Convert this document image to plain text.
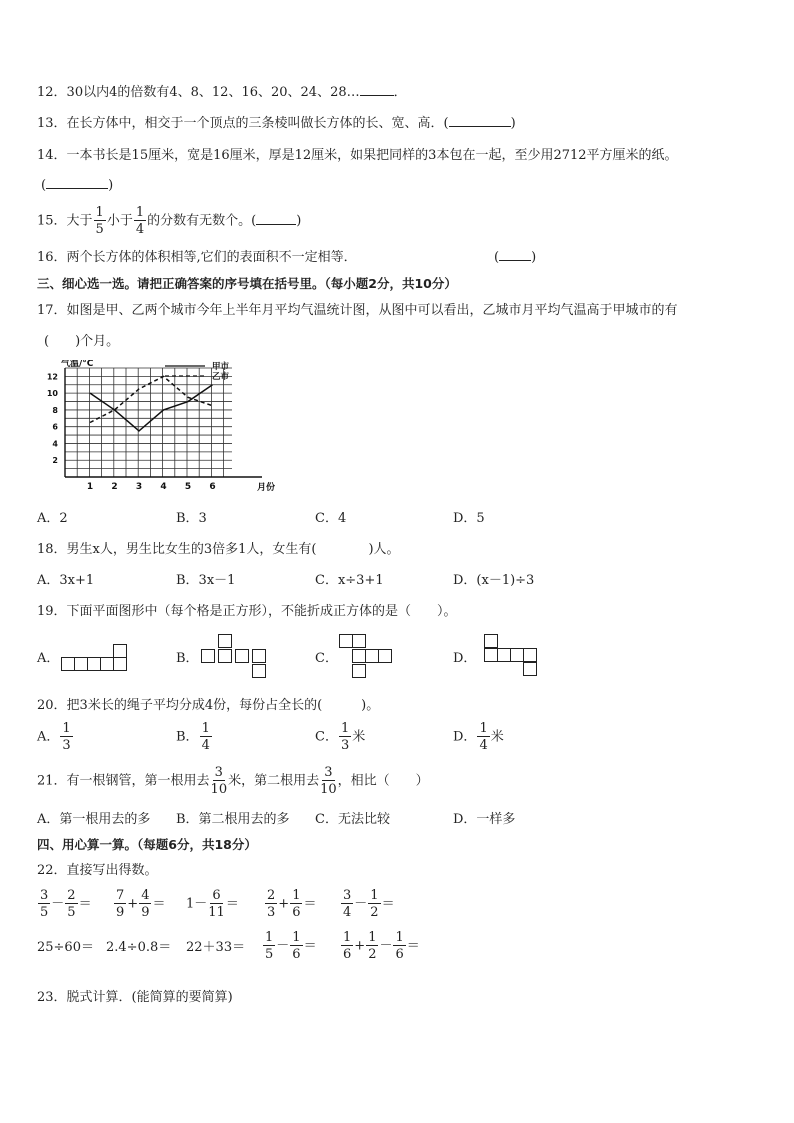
12．30以内4的倍数有4、8、12、16、20、24、28…	．
13．在长方体中，相交于一个顶点的三条棱叫做长方体的长、宽、高．(	)
14．一本书长是15厘米，宽是16厘米，厚是12厘米，如果把同样的3本包在一起，至少用2712平方厘米的纸。
(	)
15．大于 $\frac{1}{5}$ 小于 $\frac{1}{4}$ 的分数有无数个。(	)
16．两个长方体的体积相等,它们的表面积不一定相等．	( )
三、细心选一选。请把正确答案的序号填在括号里。（每小题2分，共10分）
17．如图是甲、乙两个城市今年上半年月平均气温统计图，从图中可以看出，乙城市月平均气温高于甲城市的有
(　　)个月。
2
4
6
8
10
12
1 2 3 4 5 6
气温/°C
月份
甲市
乙市
A．2	B．3	C．4	D．5
18．男生x人，男生比女生的3倍多1人，女生有(　　　　)人。
A．3x+1	B．3x－1	C．x÷3+1	D．(x－1)÷3
19．下面平面图形中（每个格是正方形），不能折成正方体的是（　　）。
A．	B．	C．	D．
20．把3米长的绳子平均分成4份，每份占全长的(　　　)。
A． $\frac{1}{3}$	B． $\frac{1}{4}$	C． $\frac{1}{3}$ 米	D． $\frac{1}{4}$ 米
21．有一根钢管，第一根用去 $\frac{3}{10}$ 米，第二根用去 $\frac{3}{10}$ ，相比（　　）
A．第一根用去的多 B．第二根用去的多 C．无法比较	D．一样多
四、用心算一算。（每题6分，共18分）
22．直接写出得数。
$\frac{3}{5} - \frac{2}{5} = \frac{7}{9} + \frac{4}{9} = 1- \frac{6}{11} = \frac{2}{3} + \frac{1}{6} = \frac{3}{4} - \frac{1}{2}$ ＝
$25\div 60= 2.4\div 0.8= 22+33= \frac{1}{5} - \frac{1}{6} = \frac{1}{6} + \frac{1}{2} - \frac{1}{6}$ ＝
23．脱式计算．(能简算的要简算)
